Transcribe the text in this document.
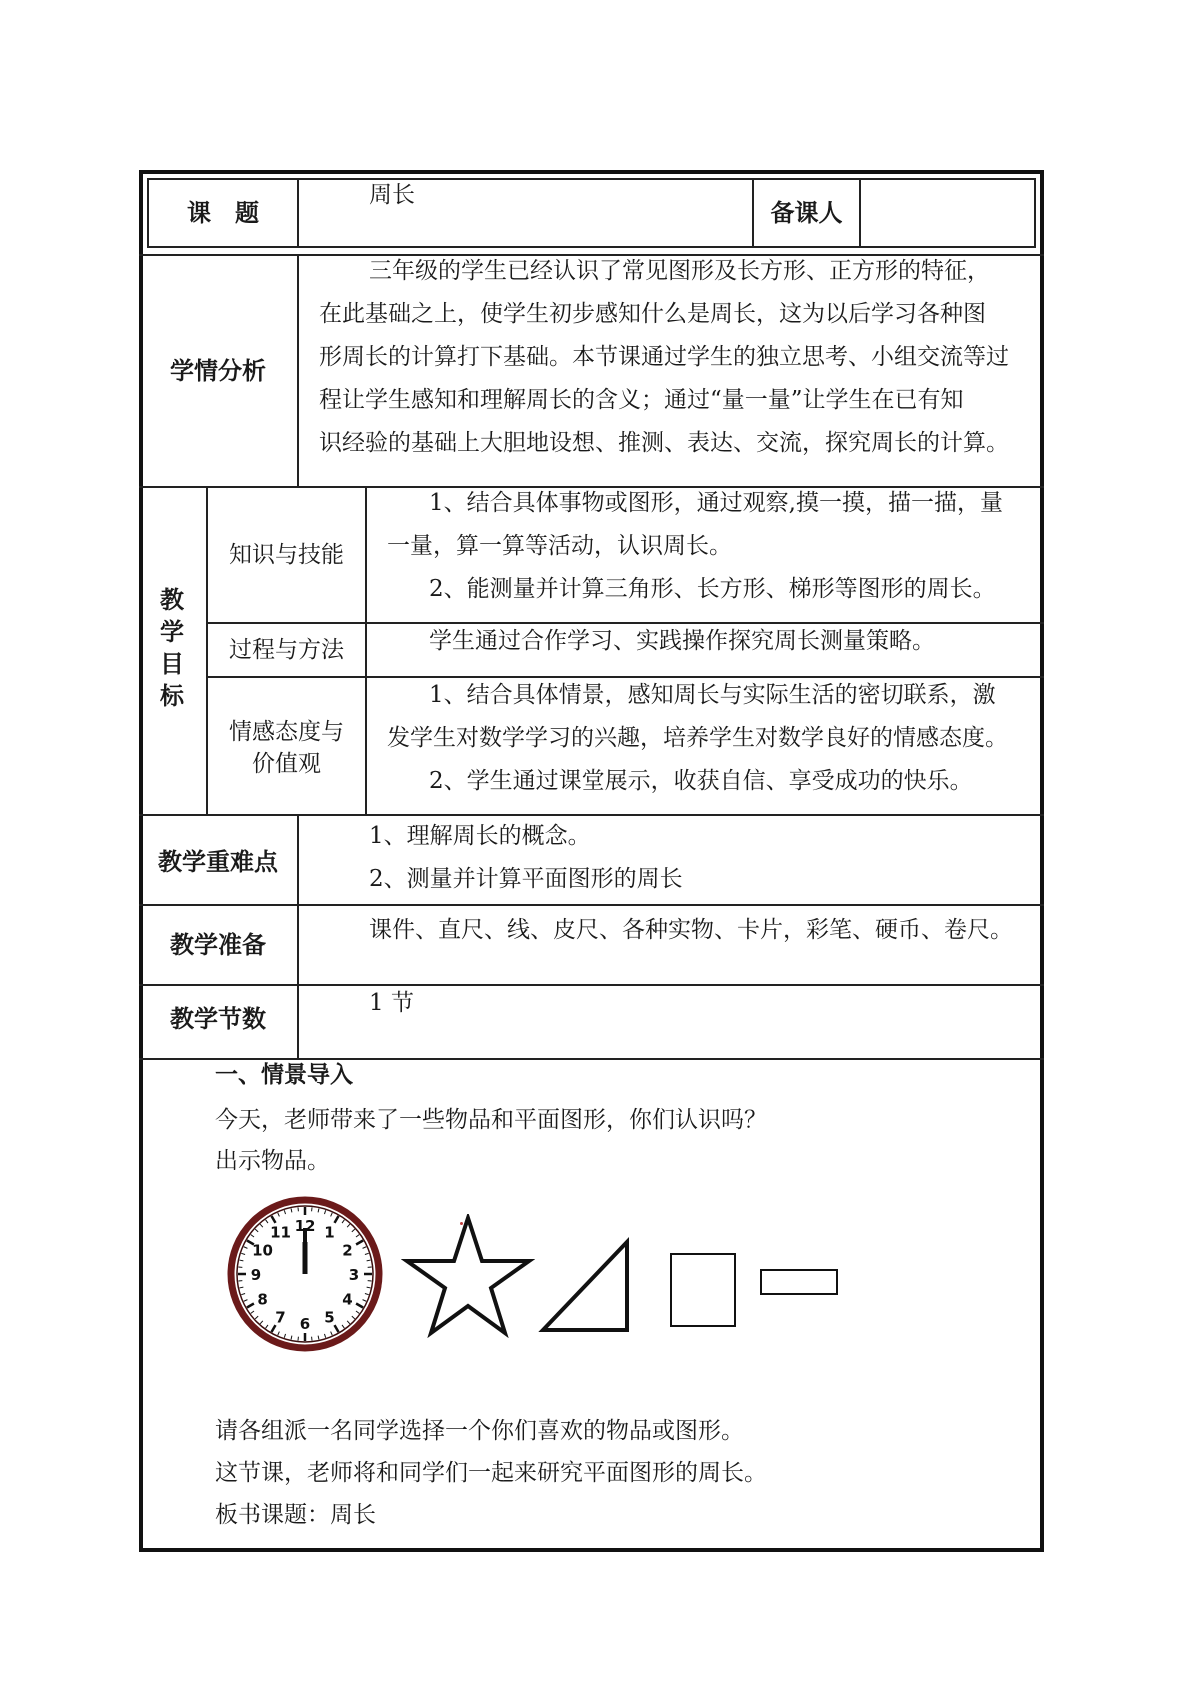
课　题
周长
备课人
学情分析
三年级的学生已经认识了常见图形及长方形、正方形的特征，
在此基础之上，使学生初步感知什么是周长，这为以后学习各种图
形周长的计算打下基础。本节课通过学生的独立思考、小组交流等过
程让学生感知和理解周长的含义；通过“量一量”让学生在已有知
识经验的基础上大胆地设想、推测、表达、交流，探究周长的计算。
教
学
目
标
知识与技能
1、结合具体事物或图形，通过观察,摸一摸，描一描，量
一量，算一算等活动，认识周长。
2、能测量并计算三角形、长方形、梯形等图形的周长。
过程与方法	学生通过合作学习、实践操作探究周长测量策略。
情感态度与
价值观
1、结合具体情景，感知周长与实际生活的密切联系，激
发学生对数学学习的兴趣，培养学生对数学良好的情感态度。
2、学生通过课堂展示，收获自信、享受成功的快乐。
教学重难点
1、理解周长的概念。
2、测量并计算平面图形的周长
教学准备
课件、直尺、线、皮尺、各种实物、卡片，彩笔、硬币、卷尺。
教学节数
1 节
一、情景导入
今天，老师带来了一些物品和平面图形，你们认识吗？
出示物品。
12 1
2
3
4
5
6
7
8
9
10
11
请各组派一名同学选择一个你们喜欢的物品或图形。
这节课，老师将和同学们一起来研究平面图形的周长。
板书课题：周长
